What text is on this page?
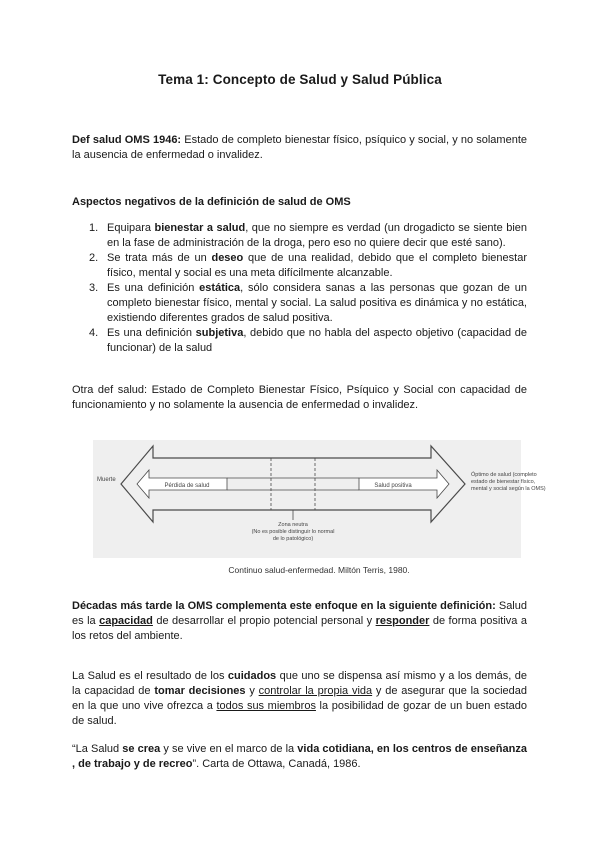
Tema 1: Concepto de Salud y Salud Pública
Def salud OMS 1946: Estado de completo bienestar físico, psíquico y social, y no solamente la ausencia de enfermedad o invalidez.
Aspectos negativos de la definición de salud de OMS
1. Equipara bienestar a salud, que no siempre es verdad (un drogadicto se siente bien en la fase de administración de la droga, pero eso no quiere decir que esté sano).
2. Se trata más de un deseo que de una realidad, debido que el completo bienestar físico, mental y social es una meta difícilmente alcanzable.
3. Es una definición estática, sólo considera sanas a las personas que gozan de un completo bienestar físico, mental y social. La salud positiva es dinámica y no estática, existiendo diferentes grados de salud positiva.
4. Es una definición subjetiva, debido que no habla del aspecto objetivo (capacidad de funcionar) de la salud
Otra def salud: Estado de Completo Bienestar Físico, Psíquico y Social con capacidad de funcionamiento y no solamente la ausencia de enfermedad o invalidez.
Muerte
Pérdida de salud	Salud positiva
Óptimo de salud (completo
estado de bienestar físico,
mental y social según la OMS)
Zona neutra
(No es posible distinguir lo normal
de lo patológico)
Continuo salud-enfermedad. Miltón Terris, 1980.
Décadas más tarde la OMS complementa este enfoque en la siguiente definición: Salud es la capacidad de desarrollar el propio potencial personal y responder de forma positiva a los retos del ambiente.
La Salud es el resultado de los cuidados que uno se dispensa así mismo y a los demás, de la capacidad de tomar decisiones y controlar la propia vida y de asegurar que la sociedad en la que uno vive ofrezca a todos sus miembros la posibilidad de gozar de un buen estado de salud.
“La Salud se crea y se vive en el marco de la vida cotidiana, en los centros de enseñanza , de trabajo y de recreo”. Carta de Ottawa, Canadá, 1986.
